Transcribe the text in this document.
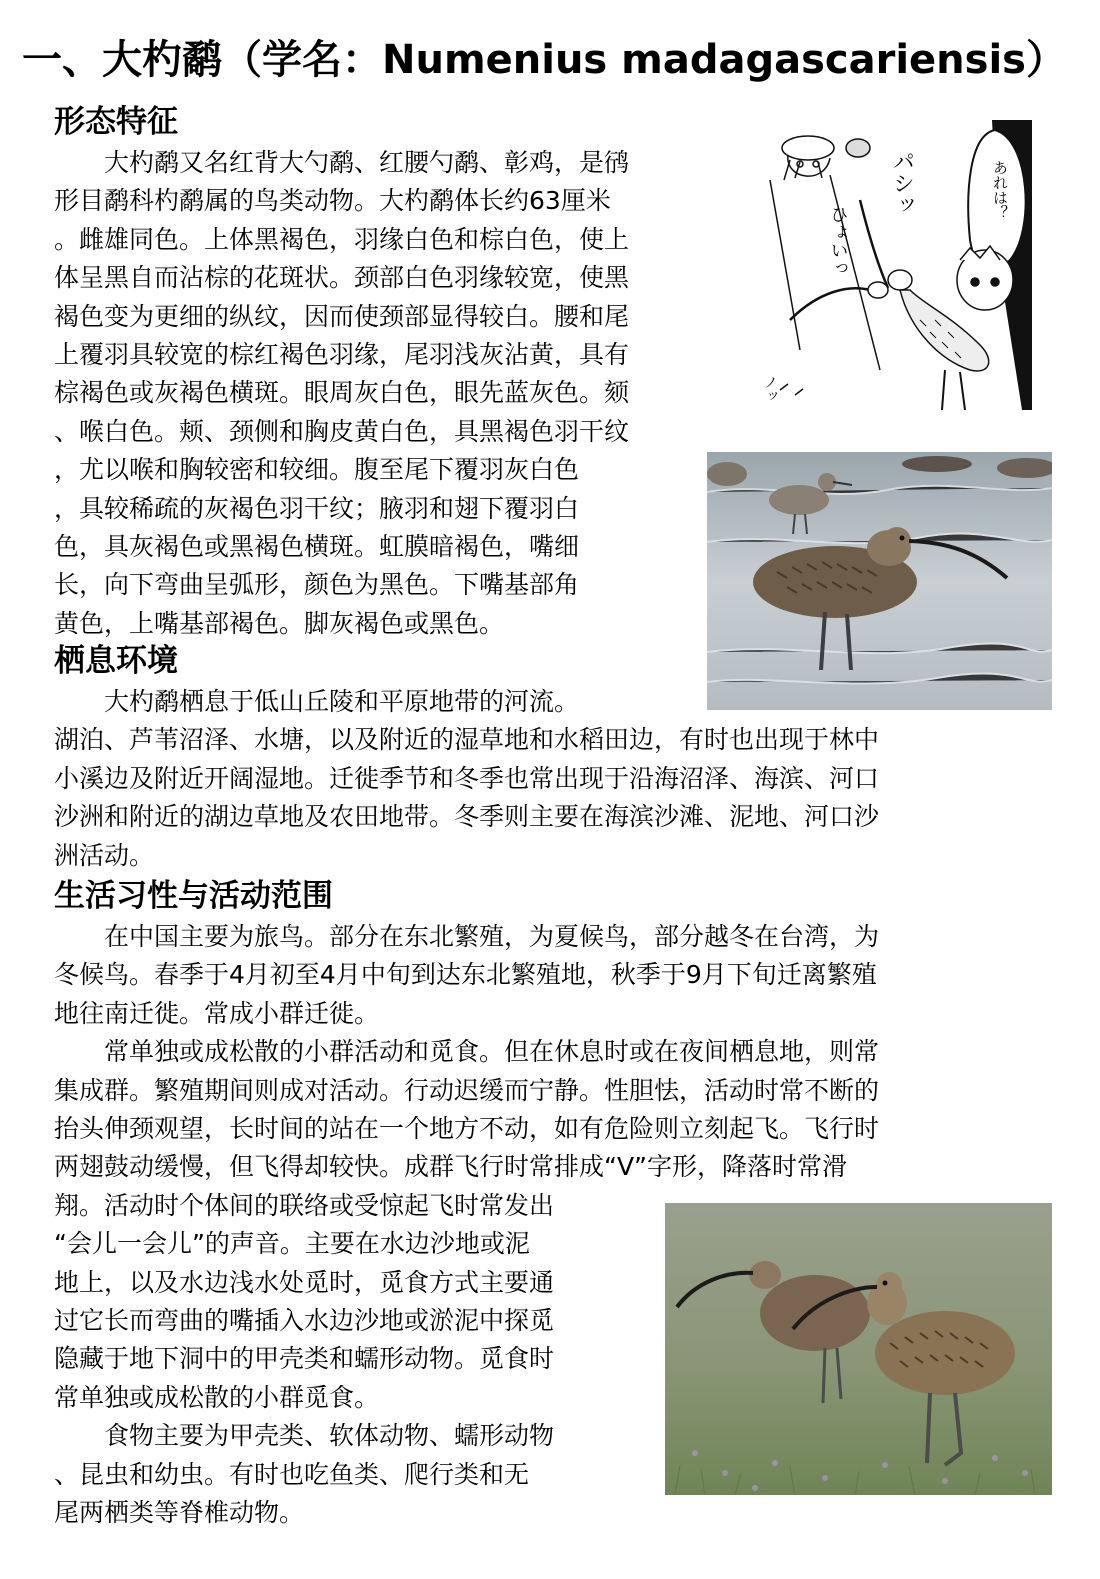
一、大杓鹬（学名：Numenius madagascariensis）
形态特征
　　大杓鹬又名红背大勺鹬、红腰勺鹬、彰鸡，是鸻
形目鹬科杓鹬属的鸟类动物。大杓鹬体长约63厘米
。雌雄同色。上体黑褐色，羽缘白色和棕白色，使上
体呈黑自而沾棕的花斑状。颈部白色羽缘较宽，使黑
褐色变为更细的纵纹，因而使颈部显得较白。腰和尾
上覆羽具较宽的棕红褐色羽缘，尾羽浅灰沾黄，具有
棕褐色或灰褐色横斑。眼周灰白色，眼先蓝灰色。颏
、喉白色。颊、颈侧和胸皮黄白色，具黑褐色羽干纹
，尤以喉和胸较密和较细。腹至尾下覆羽灰白色
，具较稀疏的灰褐色羽干纹；腋羽和翅下覆羽白
色，具灰褐色或黑褐色横斑。虹膜暗褐色，嘴细
长，向下弯曲呈弧形，颜色为黑色。下嘴基部角
黄色，上嘴基部褐色。脚灰褐色或黑色。
栖息环境
　　大杓鹬栖息于低山丘陵和平原地带的河流。
湖泊、芦苇沼泽、水塘，以及附近的湿草地和水稻田边，有时也出现于林中
小溪边及附近开阔湿地。迁徙季节和冬季也常出现于沿海沼泽、海滨、河口
沙洲和附近的湖边草地及农田地带。冬季则主要在海滨沙滩、泥地、河口沙
洲活动。
生活习性与活动范围
　　在中国主要为旅鸟。部分在东北繁殖，为夏候鸟，部分越冬在台湾，为
冬候鸟。春季于4月初至4月中旬到达东北繁殖地，秋季于9月下旬迁离繁殖
地往南迁徙。常成小群迁徙。
　　常单独或成松散的小群活动和觅食。但在休息时或在夜间栖息地，则常
集成群。繁殖期间则成对活动。行动迟缓而宁静。性胆怯，活动时常不断的
抬头伸颈观望，长时间的站在一个地方不动，如有危险则立刻起飞。飞行时
两翅鼓动缓慢，但飞得却较快。成群飞行时常排成“V”字形，降落时常滑
翔。活动时个体间的联络或受惊起飞时常发出
“会儿一会儿”的声音。主要在水边沙地或泥
地上，以及水边浅水处觅时，觅食方式主要通
过它长而弯曲的嘴插入水边沙地或淤泥中探觅
隐藏于地下洞中的甲壳类和蠕形动物。觅食时
常单独或成松散的小群觅食。
　　食物主要为甲壳类、软体动物、蠕形动物
、昆虫和幼虫。有时也吃鱼类、爬行类和无
尾两栖类等脊椎动物。
あれは？
パシッ
ひょいっ
ノッ
